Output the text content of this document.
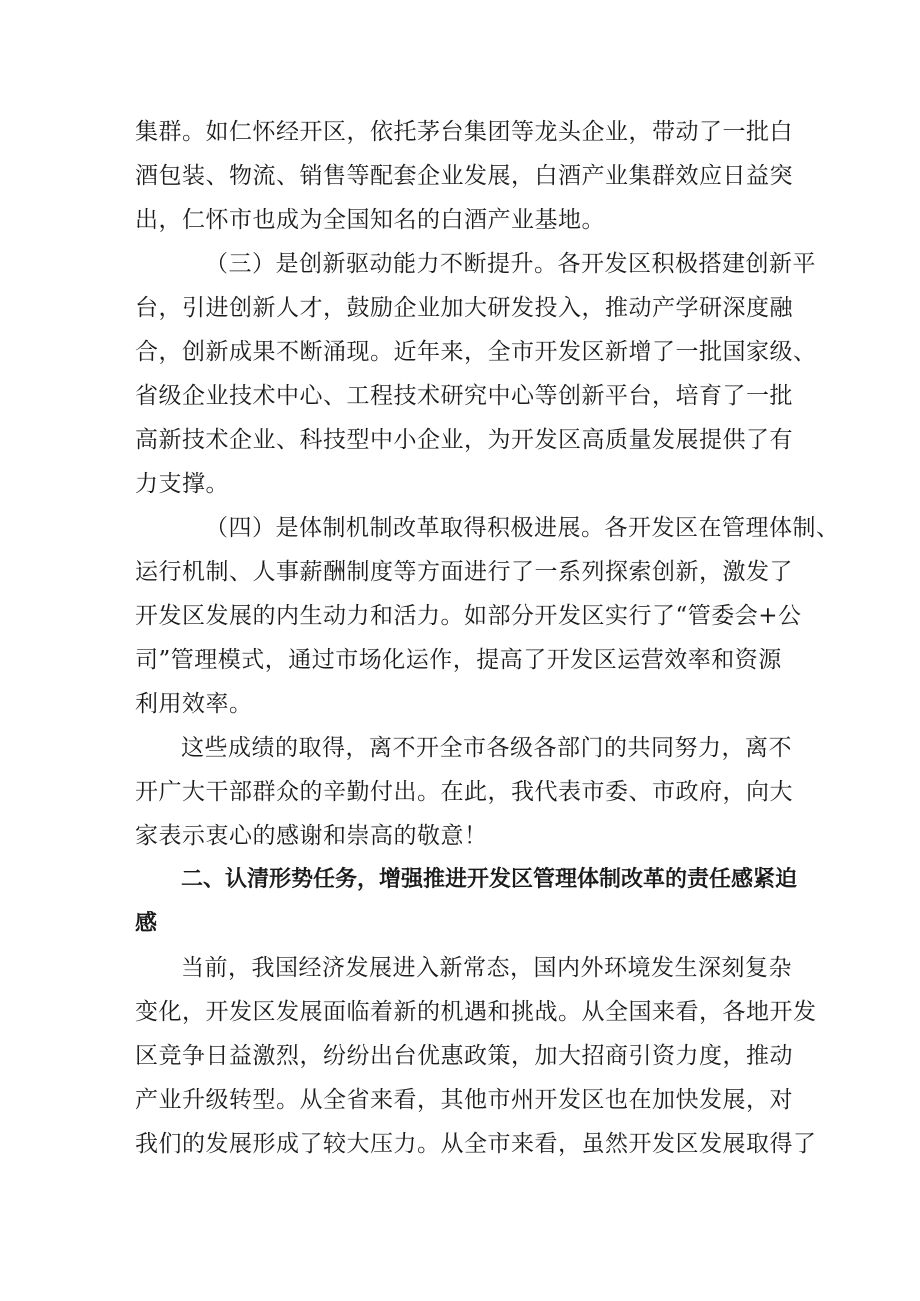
集群。如仁怀经开区，依托茅台集团等龙头企业，带动了一批白
酒包装、物流、销售等配套企业发展，白酒产业集群效应日益突
出，仁怀市也成为全国知名的白酒产业基地。
（三）是创新驱动能力不断提升。各开发区积极搭建创新平
台，引进创新人才，鼓励企业加大研发投入，推动产学研深度融
合，创新成果不断涌现。近年来，全市开发区新增了一批国家级、
省级企业技术中心、工程技术研究中心等创新平台，培育了一批
高新技术企业、科技型中小企业，为开发区高质量发展提供了有
力支撑。
（四）是体制机制改革取得积极进展。各开发区在管理体制、
运行机制、人事薪酬制度等方面进行了一系列探索创新，激发了
开发区发展的内生动力和活力。如部分开发区实行了“管委会+公
司”管理模式，通过市场化运作，提高了开发区运营效率和资源
利用效率。
这些成绩的取得，离不开全市各级各部门的共同努力，离不
开广大干部群众的辛勤付出。在此，我代表市委、市政府，向大
家表示衷心的感谢和崇高的敬意！
二、认清形势任务，增强推进开发区管理体制改革的责任感紧迫
感
当前，我国经济发展进入新常态，国内外环境发生深刻复杂
变化，开发区发展面临着新的机遇和挑战。从全国来看，各地开发
区竞争日益激烈，纷纷出台优惠政策，加大招商引资力度，推动
产业升级转型。从全省来看，其他市州开发区也在加快发展，对
我们的发展形成了较大压力。从全市来看，虽然开发区发展取得了
